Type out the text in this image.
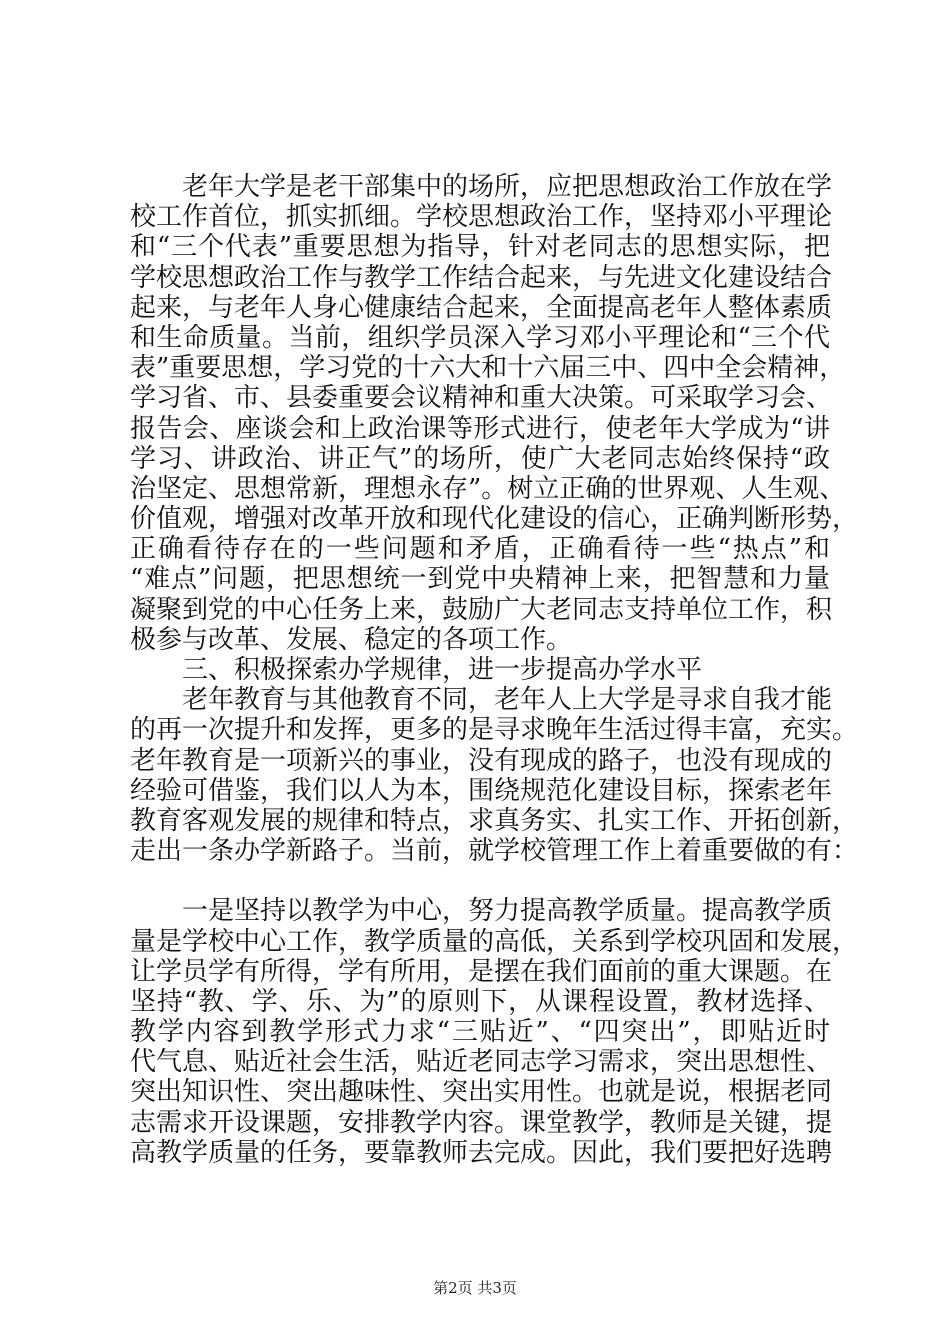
老年大学是老干部集中的场所，应把思想政治工作放在学
校工作首位，抓实抓细。学校思想政治工作，坚持邓小平理论
和“三个代表”重要思想为指导，针对老同志的思想实际，把
学校思想政治工作与教学工作结合起来，与先进文化建设结合
起来，与老年人身心健康结合起来，全面提高老年人整体素质
和生命质量。当前，组织学员深入学习邓小平理论和“三个代
表”重要思想，学习党的十六大和十六届三中、四中全会精神，
学习省、市、县委重要会议精神和重大决策。可采取学习会、
报告会、座谈会和上政治课等形式进行，使老年大学成为“讲
学习、讲政治、讲正气”的场所，使广大老同志始终保持“政
治坚定、思想常新，理想永存”。树立正确的世界观、人生观、
价值观，增强对改革开放和现代化建设的信心，正确判断形势，
正确看待存在的一些问题和矛盾，正确看待一些“热点”和
“难点”问题，把思想统一到党中央精神上来，把智慧和力量
凝聚到党的中心任务上来，鼓励广大老同志支持单位工作，积
极参与改革、发展、稳定的各项工作。
三、积极探索办学规律，进一步提高办学水平
老年教育与其他教育不同，老年人上大学是寻求自我才能
的再一次提升和发挥，更多的是寻求晚年生活过得丰富，充实。
老年教育是一项新兴的事业，没有现成的路子，也没有现成的
经验可借鉴，我们以人为本，围绕规范化建设目标，探索老年
教育客观发展的规律和特点，求真务实、扎实工作、开拓创新，
走出一条办学新路子。当前，就学校管理工作上着重要做的有：
一是坚持以教学为中心，努力提高教学质量。提高教学质
量是学校中心工作，教学质量的高低，关系到学校巩固和发展，
让学员学有所得，学有所用，是摆在我们面前的重大课题。在
坚持“教、学、乐、为”的原则下，从课程设置，教材选择、
教学内容到教学形式力求“三贴近”、“四突出”，即贴近时
代气息、贴近社会生活，贴近老同志学习需求，突出思想性、
突出知识性、突出趣味性、突出实用性。也就是说，根据老同
志需求开设课题，安排教学内容。课堂教学，教师是关键，提
高教学质量的任务，要靠教师去完成。因此，我们要把好选聘
第2页 共3页
